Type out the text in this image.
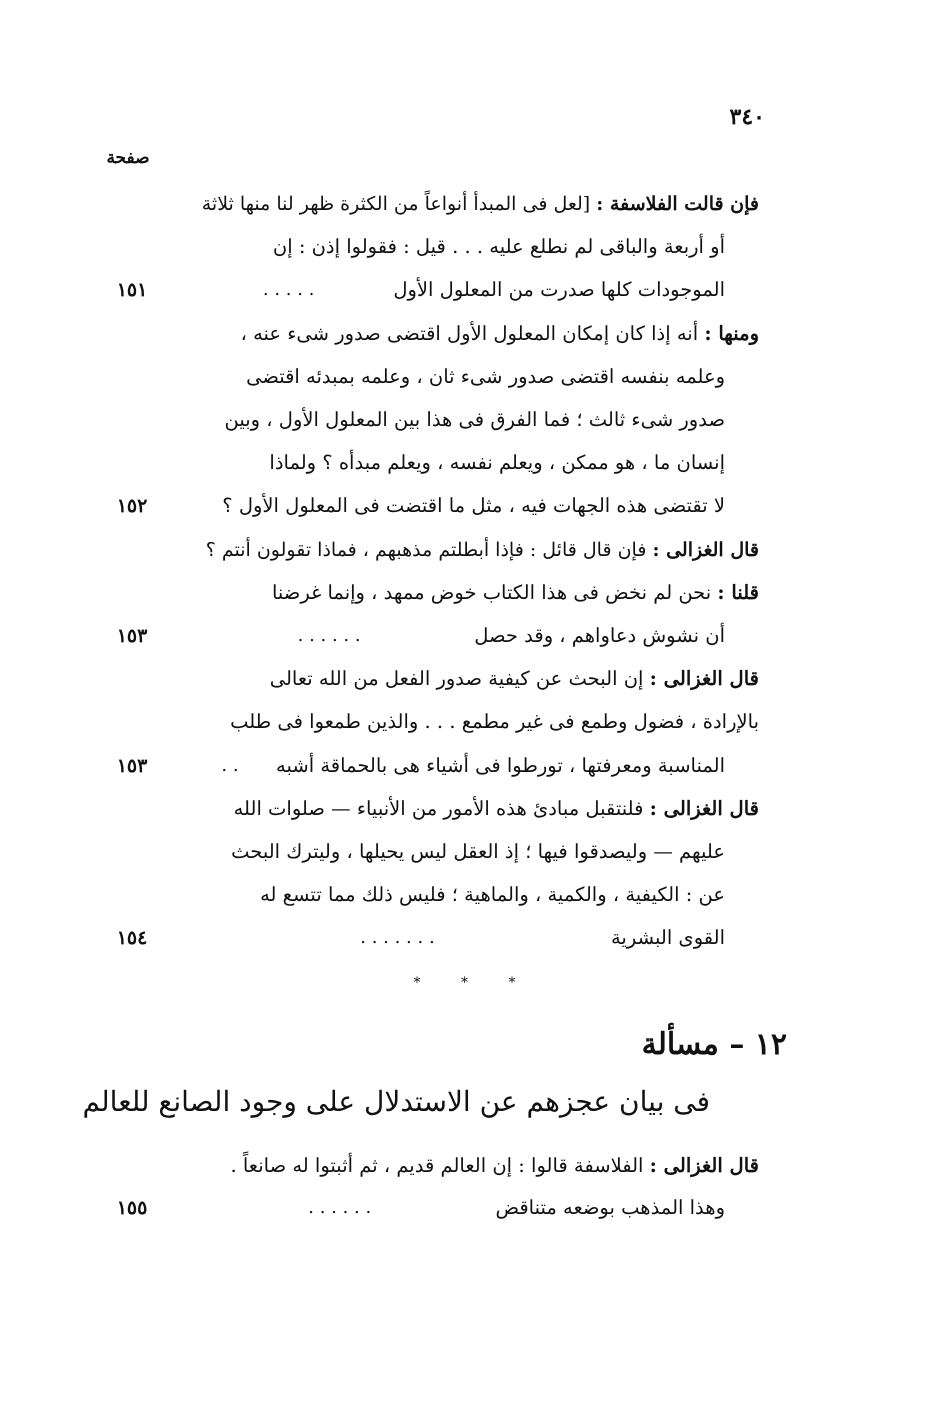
٣٤٠
صفحة
فإن قالت الفلاسفة : [لعل فى المبدأ أنواعاً من الكثرة ظهر لنا منها ثلاثة
أو أربعة والباقى لم نطلع عليه . . . قيل : فقولوا إذن : إن
الموجودات كلها صدرت من المعلول الأول
. . . . .
١٥١
ومنها : أنه إذا كان إمكان المعلول الأول اقتضى صدور شىء عنه ،
وعلمه بنفسه اقتضى صدور شىء ثان ، وعلمه بمبدئه اقتضى
صدور شىء ثالث ؛ فما الفرق فى هذا بين المعلول الأول ، وبين
إنسان ما ، هو ممكن ، ويعلم نفسه ، ويعلم مبدأه ؟ ولماذا
لا تقتضى هذه الجهات فيه ، مثل ما اقتضت فى المعلول الأول ؟
١٥٢
قال الغزالى : فإن قال قائل : فإذا أبطلتم مذهبهم ، فماذا تقولون أنتم ؟
قلنا : نحن لم نخض فى هذا الكتاب خوض ممهد ، وإنما غرضنا
أن نشوش دعاواهم ، وقد حصل
. . . . . .
١٥٣
قال الغزالى : إن البحث عن كيفية صدور الفعل من الله تعالى
بالإرادة ، فضول وطمع فى غير مطمع . . . والذين طمعوا فى طلب
المناسبة ومعرفتها ، تورطوا فى أشياء هى بالحماقة أشبه
. .
١٥٣
قال الغزالى : فلنتقبل مبادئ هذه الأمور من الأنبياء — صلوات الله
عليهم — وليصدقوا فيها ؛ إذ العقل ليس يحيلها ، وليترك البحث
عن : الكيفية ، والكمية ، والماهية ؛ فليس ذلك مما تتسع له
القوى البشرية
. . . . . . .
١٥٤
* * *
١٢ – مسألة
فى بيان عجزهم عن الاستدلال على وجود الصانع للعالم
قال الغزالى : الفلاسفة قالوا : إن العالم قديم ، ثم أثبتوا له صانعاً .
وهذا المذهب بوضعه متناقض
. . . . . .
١٥٥
